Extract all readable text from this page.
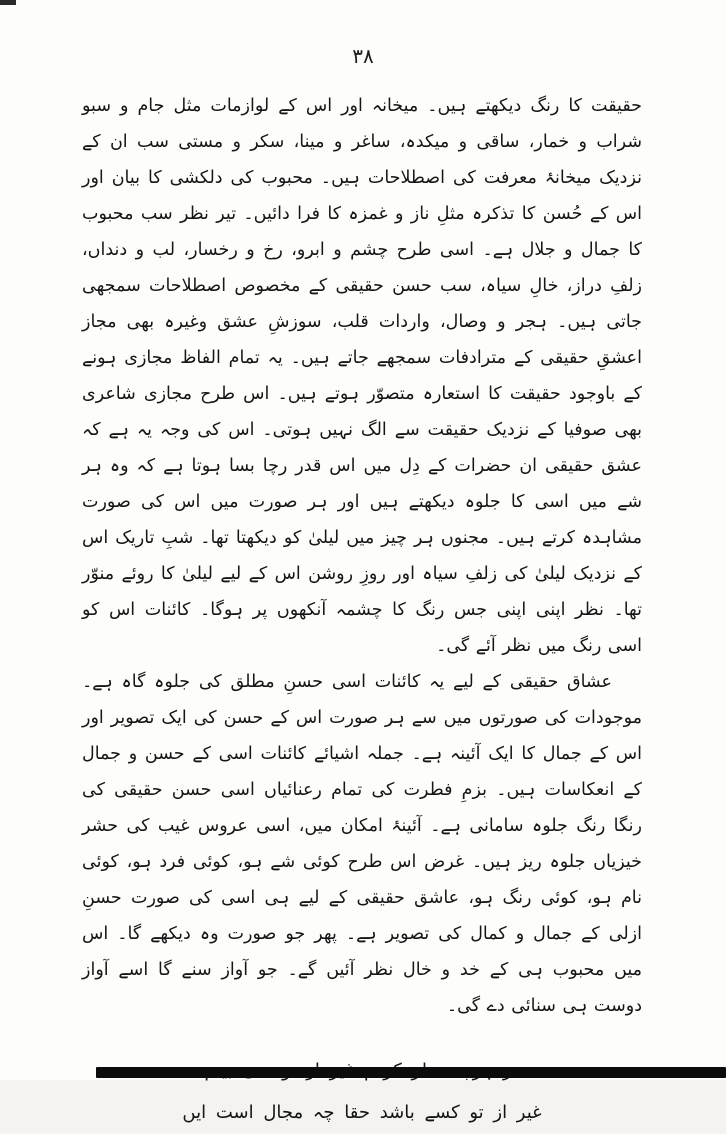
۳۸

حقیقت کا رنگ دیکھتے ہیں۔ میخانہ اور اس کے لوازمات مثل جام و سبو شراب و خمار، ساقی و میکدہ، ساغر و مینا، سکر و مستی سب ان کے نزدیک میخانۂ معرفت کی اصطلاحات ہیں۔ محبوب کی دلکشی کا بیان اور اس کے حُسن کا تذکرہ مثلِ ناز و غمزہ کا فرا دائیں۔ تیر نظر سب محبوب کا جمال و جلال ہے۔ اسی طرح چشم و ابرو، رخ و رخسار، لب و دنداں، زلفِ دراز، خالِ سیاہ، سب حسن حقیقی کے مخصوص اصطلاحات سمجھی جاتی ہیں۔ ہجر و وصال، واردات قلب، سوزشِ عشق وغیرہ بھی مجاز اعشقِ حقیقی کے مترادفات سمجھے جاتے ہیں۔ یہ تمام الفاظ مجازی ہونے کے باوجود حقیقت کا استعارہ متصوّر ہوتے ہیں۔ اس طرح مجازی شاعری بھی صوفیا کے نزدیک حقیقت سے الگ نہیں ہوتی۔ اس کی وجہ یہ ہے کہ عشق حقیقی ان حضرات کے دِل میں اس قدر رچا بسا ہوتا ہے کہ وہ ہر شے میں اسی کا جلوہ دیکھتے ہیں اور ہر صورت میں اس کی صورت مشاہدہ کرتے ہیں۔ مجنوں ہر چیز میں لیلیٰ کو دیکھتا تھا۔ شبِ تاریک اس کے نزدیک لیلیٰ کی زلفِ سیاہ اور روزِ روشن اس کے لیے لیلیٰ کا روئے منوّر تھا۔ نظر اپنی اپنی جس رنگ کا چشمہ آنکھوں پر ہوگا۔ کائنات اس کو اسی رنگ میں نظر آئے گی۔

عشاق حقیقی کے لیے یہ کائنات اسی حسنِ مطلق کی جلوہ گاہ ہے۔ موجودات کی صورتوں میں سے ہر صورت اس کے حسن کی ایک تصویر اور اس کے جمال کا ایک آئینہ ہے۔ جملہ اشیائے کائنات اسی کے حسن و جمال کے انعکاسات ہیں۔ بزمِ فطرت کی تمام رعنائیاں اسی حسن حقیقی کی رنگا رنگ جلوہ سامانی ہے۔ آئینۂ امکان میں، اسی عروس غیب کی حشر خیزیاں جلوہ ریز ہیں۔ غرض اس طرح کوئی شے ہو، کوئی فرد ہو، کوئی نام ہو، کوئی رنگ ہو، عاشق حقیقی کے لیے ہی اسی کی صورت حسنِ ازلی کے جمال و کمال کی تصویر ہے۔ پھر جو صورت وہ دیکھے گا۔ اس میں محبوب ہی کے خد و خال نظر آئیں گے۔ جو آواز سنے گا اسے آواز دوست ہی سنائی دے گی۔

غیر از تو کسے باشد حقا چہ مجال است ایں
